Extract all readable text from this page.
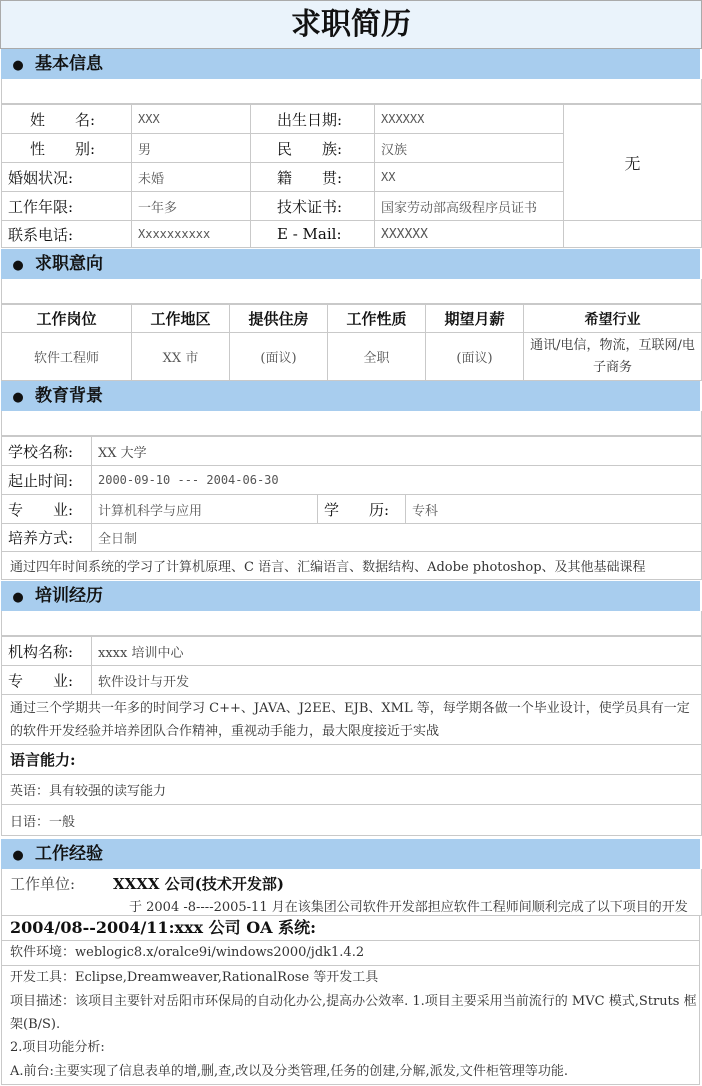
求职简历
● 基本信息
姓　　名:	XXX	出生日期:	XXXXXX	无
性　　别:	男	民　　族:	汉族	
婚姻状况:	未婚	籍　　贯:	XX	
工作年限:	一年多	技术证书:	国家劳动部高级程序员证书	
联系电话:	Xxxxxxxxxx	E - Mail:	XXXXXX	
● 求职意向
工作岗位	工作地区	提供住房	工作性质	期望月薪	希望行业
软件工程师	XX 市	(面议)	全职	(面议)	通讯/电信，物流，互联网/电子商务
● 教育背景
学校名称:	XX 大学		
起止时间:	2000-09-10 --- 2004-06-30		
专　　业:	计算机科学与应用	学　　历:	专科
培养方式:	全日制		
通过四年时间系统的学习了计算机原理、C 语言、汇编语言、数据结构、Adobe photoshop、及其他基础课程			
● 培训经历
机构名称:	xxxx 培训中心
专　　业:	软件设计与开发
通过三个学期共一年多的时间学习 C++、JAVA、J2EE、EJB、XML 等，每学期各做一个毕业设计，使学员具有一定的软件开发经验并培养团队合作精神，重视动手能力，最大限度接近于实战	
语言能力:	
英语：具有较强的读写能力	
日语：一般	
● 工作经验
工作单位:	XXXX 公司(技术开发部)
于 2004 -8----2005-11 月在该集团公司软件开发部担应软件工程师间顺利完成了以下项目的开发
2004/08--2004/11:xxx 公司 OA 系统:
软件环境：weblogic8.x/oralce9i/windows2000/jdk1.4.2
开发工具：Eclipse,Dreamweaver,RationalRose 等开发工具
项目描述：该项目主要针对岳阳市环保局的自动化办公,提高办公效率. 1.项目主要采用当前流行的 MVC 模式,Struts 框架(B/S).
2.项目功能分析:
A.前台:主要实现了信息表单的增,删,查,改以及分类管理,任务的创建,分解,派发,文件柜管理等功能.
